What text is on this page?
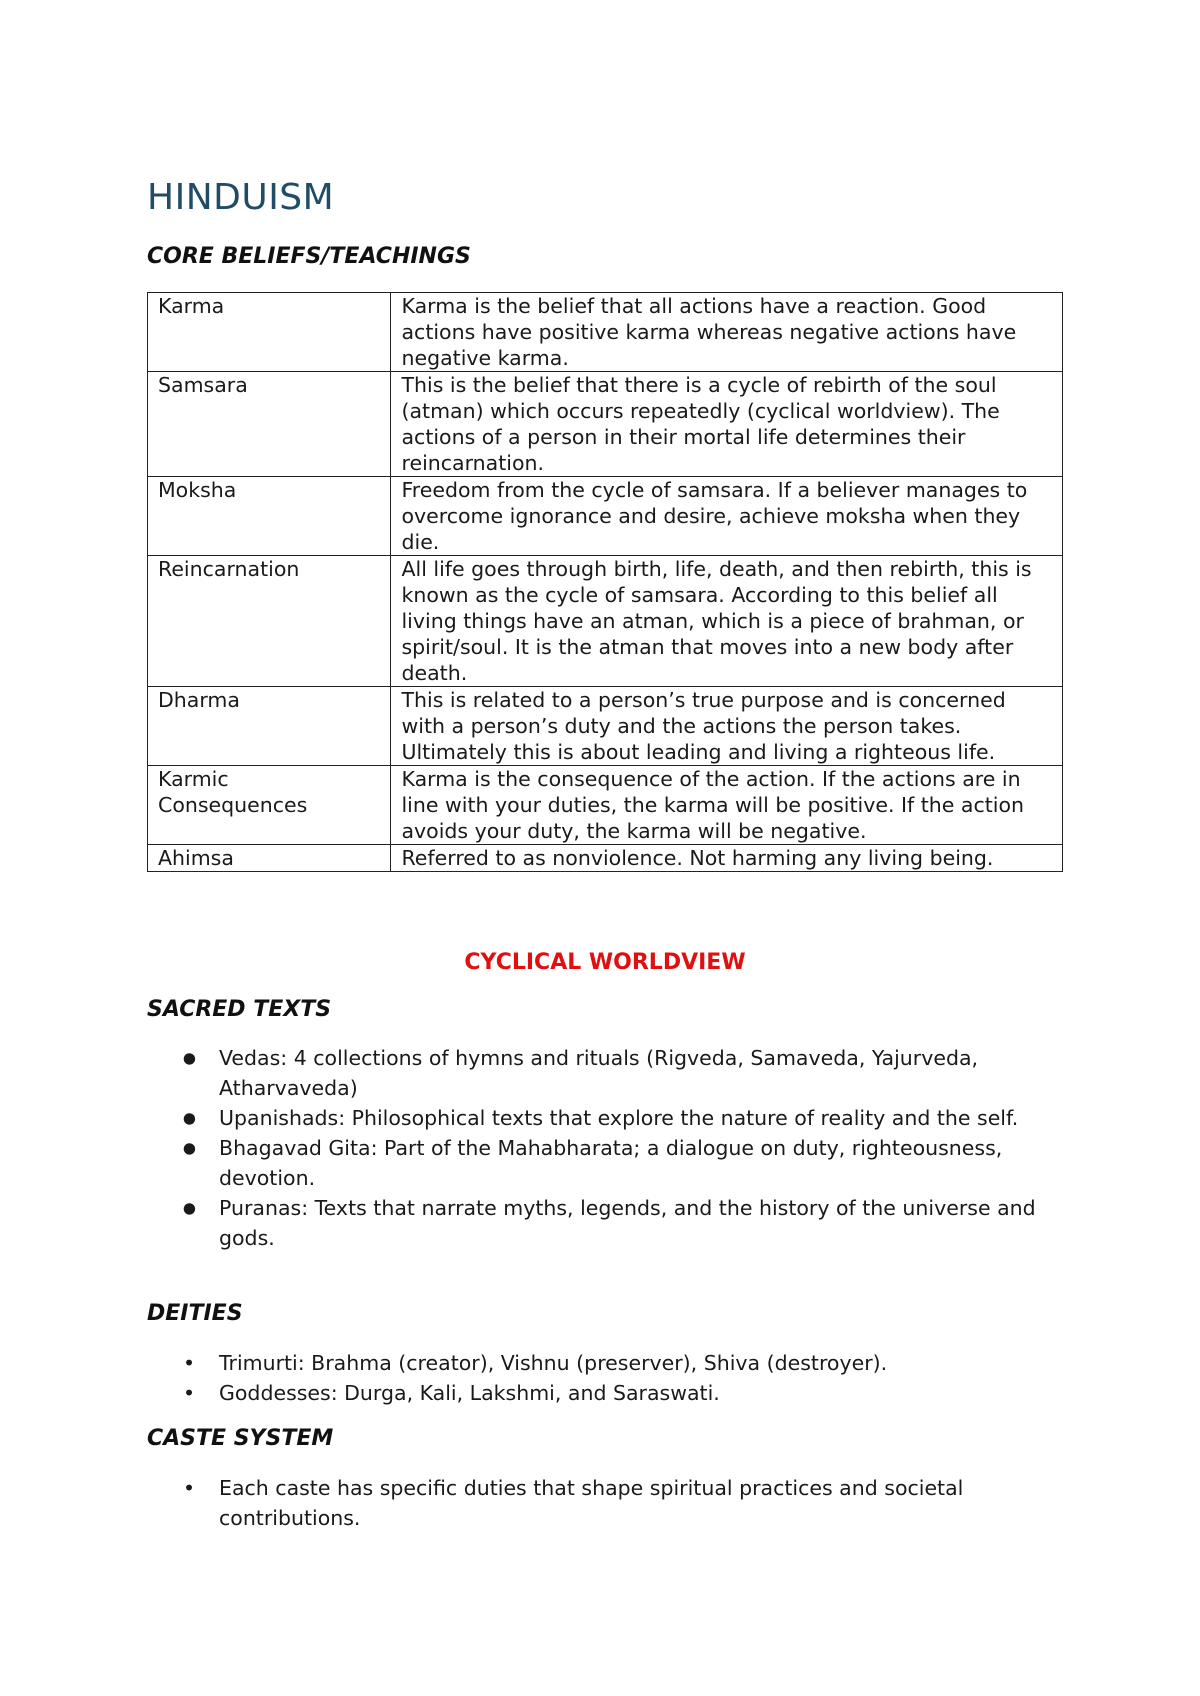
HINDUISM
CORE BELIEFS/TEACHINGS
Karma	Karma is the belief that all actions have a reaction. Good actions have positive karma whereas negative actions have negative karma.
Samsara	This is the belief that there is a cycle of rebirth of the soul (atman) which occurs repeatedly (cyclical worldview). The actions of a person in their mortal life determines their reincarnation.
Moksha	Freedom from the cycle of samsara. If a believer manages to overcome ignorance and desire, achieve moksha when they die.
Reincarnation	All life goes through birth, life, death, and then rebirth, this is known as the cycle of samsara. According to this belief all living things have an atman, which is a piece of brahman, or spirit/soul. It is the atman that moves into a new body after death.
Dharma	This is related to a person’s true purpose and is concerned with a person’s duty and the actions the person takes. Ultimately this is about leading and living a righteous life.
Karmic Consequences	Karma is the consequence of the action. If the actions are in line with your duties, the karma will be positive. If the action avoids your duty, the karma will be negative.
Ahimsa	Referred to as nonviolence. Not harming any living being.
CYCLICAL WORLDVIEW
SACRED TEXTS
● Vedas: 4 collections of hymns and rituals (Rigveda, Samaveda, Yajurveda, Atharvaveda)
● Upanishads: Philosophical texts that explore the nature of reality and the self.
● Bhagavad Gita: Part of the Mahabharata; a dialogue on duty, righteousness, devotion.
● Puranas: Texts that narrate myths, legends, and the history of the universe and gods.
DEITIES
• Trimurti: Brahma (creator), Vishnu (preserver), Shiva (destroyer).
• Goddesses: Durga, Kali, Lakshmi, and Saraswati.
CASTE SYSTEM
• Each caste has specific duties that shape spiritual practices and societal contributions.
